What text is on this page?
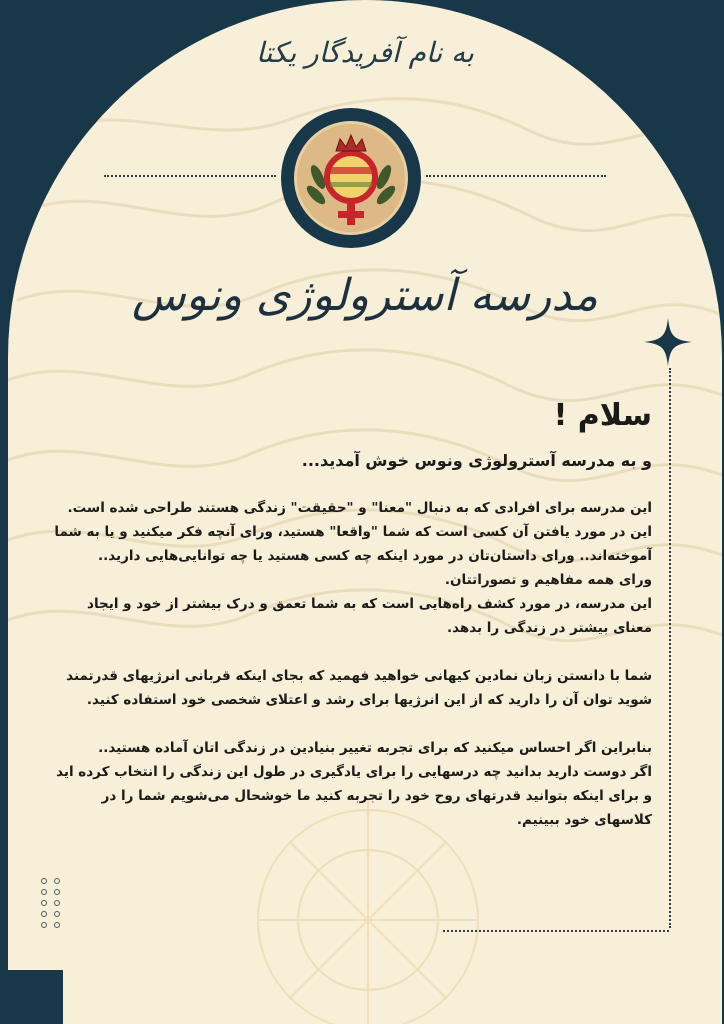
به نام آفریدگار یکتا
مدرسه آسترولوژی ونوس
سلام !
و به مدرسه آسترولوژی ونوس خوش آمدید...
این مدرسه برای افرادی که به دنبال "معنا" و "حقیقت" زندگی هستند طراحی شده است.
این در مورد یافتن آن کسی است که شما "واقعا" هستید، ورای آنچه فکر میکنید و یا به شما
آموخته‌اند.. ورای داستان‌تان در مورد اینکه چه کسی هستید یا چه توانایی‌هایی دارید..
ورای همه مفاهیم و تصوراتتان.
این مدرسه، در مورد کشف راه‌هایی است که به شما تعمق و درک بیشتر از خود و ایجاد
معنای بیشتر در زندگی را بدهد.
شما با دانستن زبان نمادین کیهانی خواهید فهمید که بجای اینکه قربانی انرژیهای قدرتمند
شوید توان آن را دارید که از این انرژیها برای رشد و اعتلای شخصی خود استفاده کنید.
بنابراین اگر احساس میکنید که برای تجربه تغییر بنیادین در زندگی اتان آماده هستید..
اگر دوست دارید بدانید چه درسهایی را برای یادگیری در طول این زندگی را انتخاب کرده اید
و برای اینکه بتوانید قدرتهای روح خود را تجربه کنید ما خوشحال می‌شویم شما را در
کلاسهای خود ببینیم.
